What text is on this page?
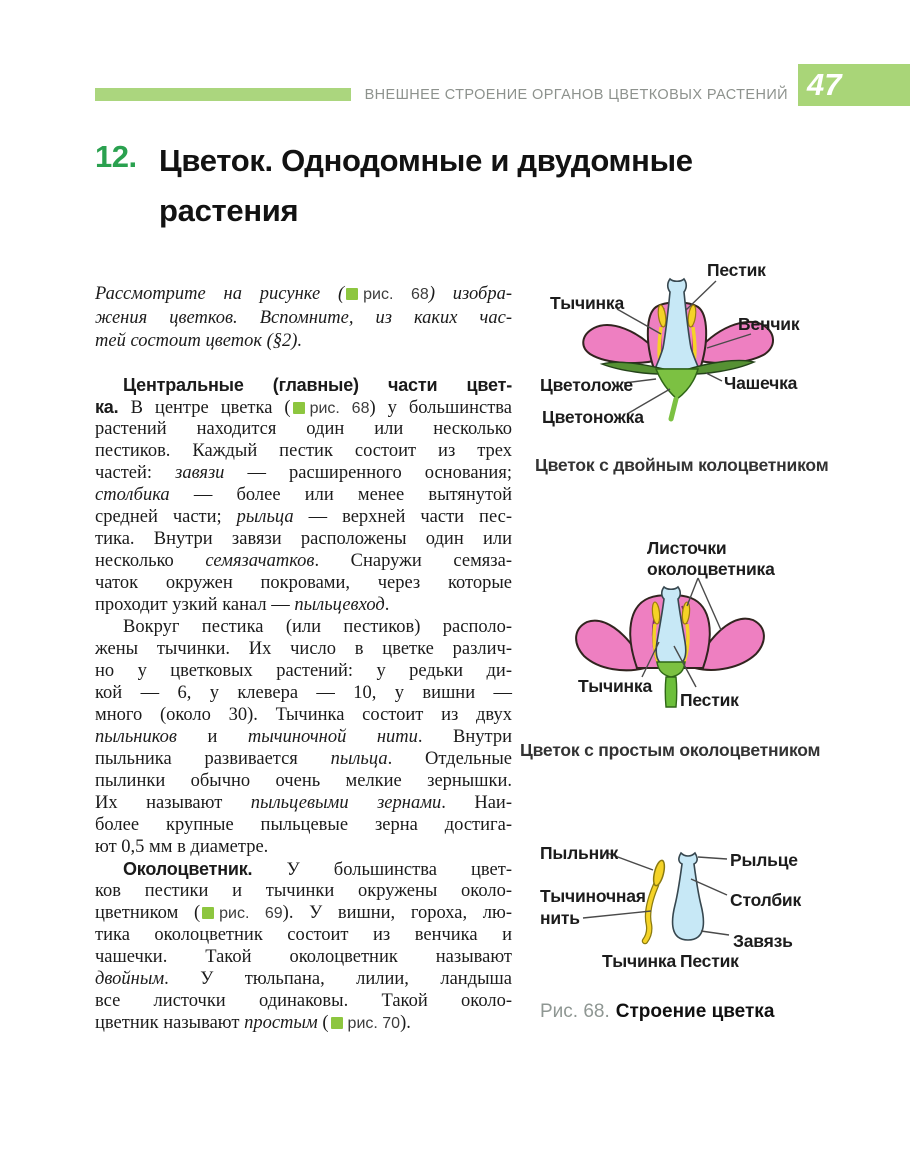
ВНЕШНЕЕ СТРОЕНИЕ ОРГАНОВ ЦВЕТКОВЫХ РАСТЕНИЙ 47
12. Цветок. Однодомные и двудомные
растения
Рассмотрите на рисунке ( рис. 68) изобра-
жения цветков. Вспомните, из каких час-
тей состоит цветок (§2).
Центральные (главные) части цвет-
ка. В центре цветка ( рис. 68) у большинства
растений находится один или несколько
пестиков. Каждый пестик состоит из трех
частей: завязи — расширенного основания;
столбика — более или менее вытянутой
средней части; рыльца — верхней части пес-
тика. Внутри завязи расположены один или
несколько семязачатков. Снаружи семяза-
чаток окружен покровами, через которые
проходит узкий канал — пыльцевход.
Вокруг пестика (или пестиков) располо-
жены тычинки. Их число в цветке различ-
но у цветковых растений: у редьки ди-
кой — 6, у клевера — 10, у вишни —
много (около 30). Тычинка состоит из двух
пыльников и тычиночной нити. Внутри
пыльника развивается пыльца. Отдельные
пылинки обычно очень мелкие зернышки.
Их называют пыльцевыми зернами. Наи-
более крупные пыльцевые зерна достига-
ют 0,5 мм в диаметре.
Околоцветник. У большинства цвет-
ков пестики и тычинки окружены около-
цветником ( рис. 69). У вишни, гороха, лю-
тика околоцветник состоит из венчика и
чашечки. Такой околоцветник называют
двойным. У тюльпана, лилии, ландыша
все листочки одинаковы. Такой около-
цветник называют простым ( рис. 70).
Пестик
Тычинка
Венчик
Цветоложе	Чашечка
Цветоножка
Цветок с двойным колоцветником
Листочки
околоцветника
Тычинка
Пестик
Цветок с простым околоцветником
Пыльник	Рыльце
Тычиночная
нить
Столбик
Завязь
Тычинка Пестик
Рис. 68. Строение цветка
